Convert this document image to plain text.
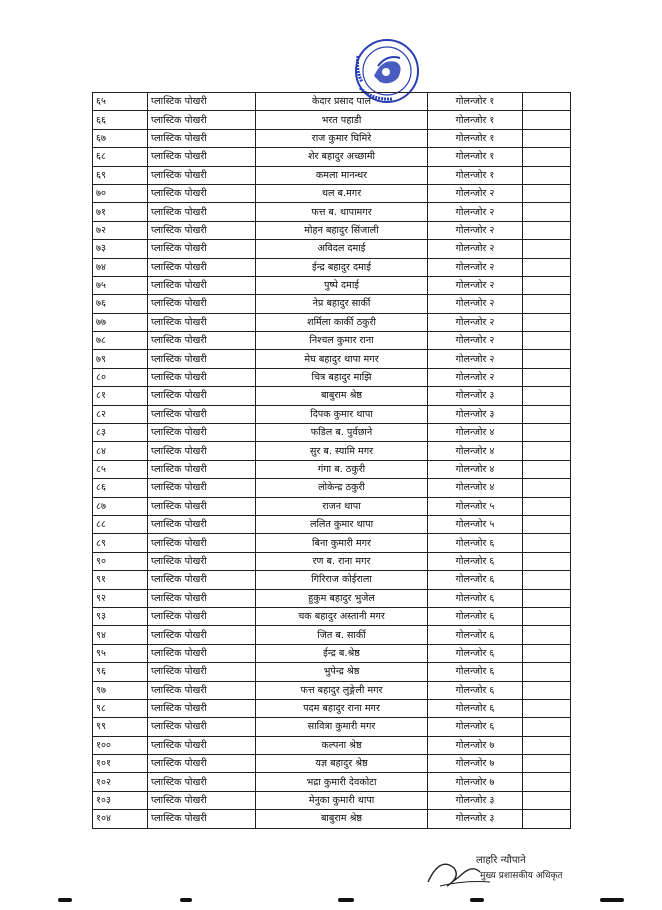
६५	प्लास्टिक पोखरी	केदार प्रसाद पाल	गोलन्जोर १	
६६	प्लास्टिक पोखरी	भरत पहाडी	गोलन्जोर १	
६७	प्लास्टिक पोखरी	राज कुमार घिमिरे	गोलन्जोर १	
६८	प्लास्टिक पोखरी	शेर बहादुर अच्छामी	गोलन्जोर १	
६९	प्लास्टिक पोखरी	कमला मानन्धर	गोलन्जोर १	
७०	प्लास्टिक पोखरी	थल ब.मगर	गोलन्जोर २	
७१	प्लास्टिक पोखरी	फत्त ब. थापामगर	गोलन्जोर २	
७२	प्लास्टिक पोखरी	मोहन बहादुर सिंजाली	गोलन्जोर २	
७३	प्लास्टिक पोखरी	अविदल दमाई	गोलन्जोर २	
७४	प्लास्टिक पोखरी	ईन्द्र बहादुर दमाई	गोलन्जोर २	
७५	प्लास्टिक पोखरी	पुष्पे दमाई	गोलन्जोर २	
७६	प्लास्टिक पोखरी	नेप्र बहादुर सार्की	गोलन्जोर २	
७७	प्लास्टिक पोखरी	शर्मिला कार्की ठकुरी	गोलन्जोर २	
७८	प्लास्टिक पोखरी	निश्चल कुमार राना	गोलन्जोर २	
७९	प्लास्टिक पोखरी	मेघ बहादुर थापा मगर	गोलन्जोर २	
८०	प्लास्टिक पोखरी	चित्र बहादुर माझि	गोलन्जोर २	
८१	प्लास्टिक पोखरी	बाबुराम श्रेष्ठ	गोलन्जोर ३	
८२	प्लास्टिक पोखरी	दिपक कुमार थापा	गोलन्जोर ३	
८३	प्लास्टिक पोखरी	फडिल ब. पुर्वछाने	गोलन्जोर ४	
८४	प्लास्टिक पोखरी	सुर ब. स्यामि मगर	गोलन्जोर ४	
८५	प्लास्टिक पोखरी	गंगा ब. ठकुरी	गोलन्जोर ४	
८६	प्लास्टिक पोखरी	लोकेन्द्र ठकुरी	गोलन्जोर ४	
८७	प्लास्टिक पोखरी	राजन थापा	गोलन्जोर ५	
८८	प्लास्टिक पोखरी	ललित कुमार थापा	गोलन्जोर ५	
८९	प्लास्टिक पोखरी	बिना कुमारी मगर	गोलन्जोर ६	
९०	प्लास्टिक पोखरी	रण ब. राना मगर	गोलन्जोर ६	
९१	प्लास्टिक पोखरी	गिरिराज कोईराला	गोलन्जोर ६	
९२	प्लास्टिक पोखरी	हुकुम बहादुर भुजेल	गोलन्जोर ६	
९३	प्लास्टिक पोखरी	चक बहादुर अस्तानी मगर	गोलन्जोर ६	
९४	प्लास्टिक पोखरी	जित ब. सार्की	गोलन्जोर ६	
९५	प्लास्टिक पोखरी	ईन्द्र ब.श्रेष्ठ	गोलन्जोर ६	
९६	प्लास्टिक पोखरी	भुपेन्द्र श्रेष्ठ	गोलन्जोर ६	
९७	प्लास्टिक पोखरी	फत्त बहादुर लुङ्गेली मगर	गोलन्जोर ६	
९८	प्लास्टिक पोखरी	पदम बहादुर राना मगर	गोलन्जोर ६	
९९	प्लास्टिक पोखरी	सावित्रा कुमारी मगर	गोलन्जोर ६	
१००	प्लास्टिक पोखरी	कल्पना श्रेष्ठ	गोलन्जोर ७	
१०१	प्लास्टिक पोखरी	यज्ञ बहादुर श्रेष्ठ	गोलन्जोर ७	
१०२	प्लास्टिक पोखरी	भद्रा कुमारी देवकोटा	गोलन्जोर ७	
१०३	प्लास्टिक पोखरी	मेनुका कुमारी थापा	गोलन्जोर ३	
१०४	प्लास्टिक पोखरी	बाबुराम श्रेष्ठ	गोलन्जोर ३	
लाहरि न्यौपाने
मुख्य प्रशासकीय अधिकृत
